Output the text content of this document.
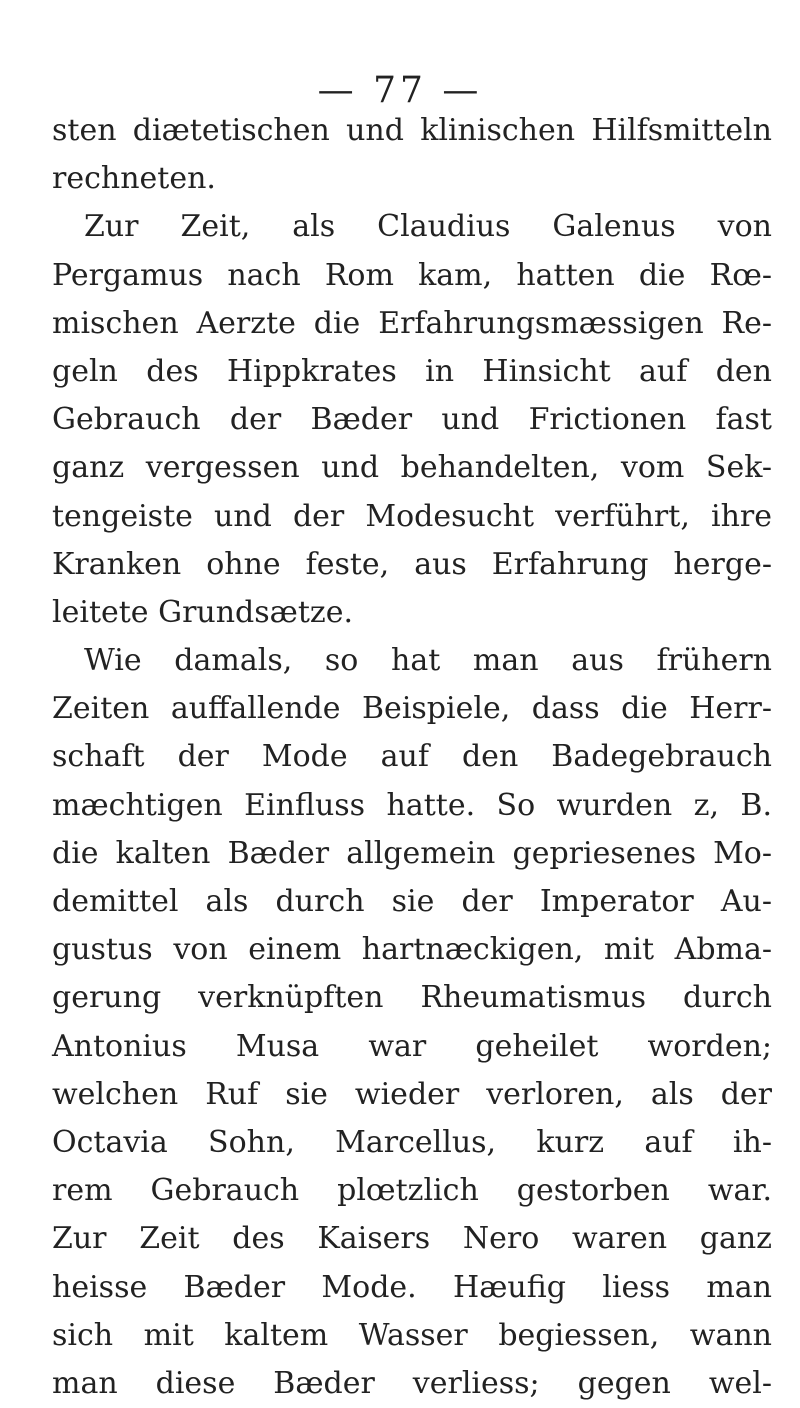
— 77 —
sten diætetischen und klinischen Hilfsmitteln
rechneten.
Zur Zeit, als Claudius Galenus von
Pergamus nach Rom kam, hatten die Rœ-
mischen Aerzte die Erfahrungsmæssigen Re-
geln des Hippkrates in Hinsicht auf den
Gebrauch der Bæder und Frictionen fast
ganz vergessen und behandelten, vom Sek-
tengeiste und der Modesucht verführt, ihre
Kranken ohne feste, aus Erfahrung herge-
leitete Grundsætze.
Wie damals, so hat man aus frühern
Zeiten auffallende Beispiele, dass die Herr-
schaft der Mode auf den Badegebrauch
mæchtigen Einfluss hatte. So wurden z, B.
die kalten Bæder allgemein gepriesenes Mo-
demittel als durch sie der Imperator Au-
gustus von einem hartnæckigen, mit Abma-
gerung verknüpften Rheumatismus durch
Antonius Musa war geheilet worden;
welchen Ruf sie wieder verloren, als der
Octavia Sohn, Marcellus, kurz auf ih-
rem Gebrauch plœtzlich gestorben war.
Zur Zeit des Kaisers Nero waren ganz
heisse Bæder Mode. Hæufig liess man
sich mit kaltem Wasser begiessen, wann
man diese Bæder verliess; gegen wel-
